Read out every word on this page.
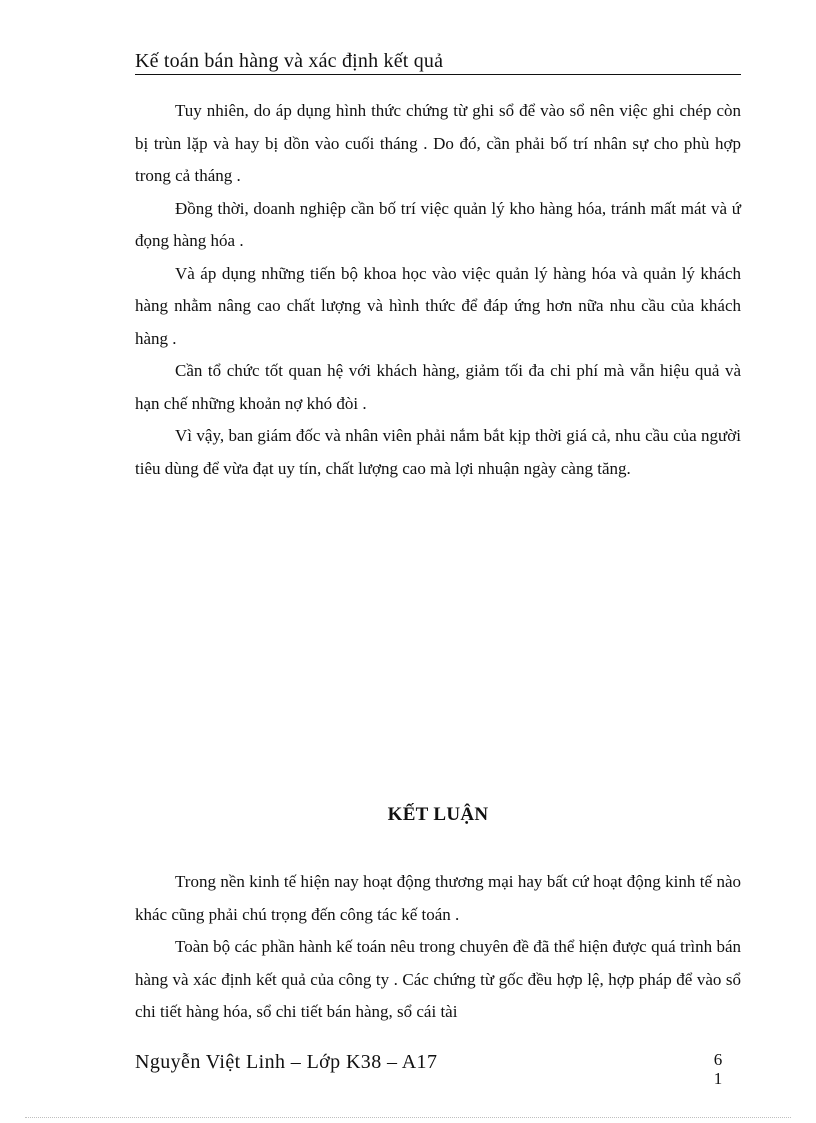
Kế toán bán hàng và xác định kết quả

Tuy nhiên, do áp dụng hình thức chứng từ ghi sổ để vào sổ nên việc ghi chép còn bị trùn lặp và hay bị dồn vào cuối tháng . Do đó, cần phải bố trí nhân sự cho phù hợp trong cả tháng .

Đồng thời, doanh nghiệp cần bố trí việc quản lý kho hàng hóa, tránh mất mát và ứ đọng hàng hóa .

Và áp dụng những tiến bộ khoa học vào việc quản lý hàng hóa và quản lý khách hàng nhằm nâng cao chất lượng và hình thức để đáp ứng hơn nữa nhu cầu của khách hàng .

Cần tổ chức tốt quan hệ với khách hàng, giảm tối đa chi phí mà vẫn hiệu quả và hạn chế những khoản nợ khó đòi .

Vì vậy, ban giám đốc và nhân viên phải nắm bắt kịp thời giá cả, nhu cầu của người tiêu dùng để vừa đạt uy tín, chất lượng cao mà lợi nhuận ngày càng tăng.

KẾT LUẬN

Trong nền kinh tế hiện nay hoạt động thương mại hay bất cứ hoạt động kinh tế nào khác cũng phải chú trọng đến công tác kế toán .

Toàn bộ các phần hành kế toán nêu trong chuyên đề đã thể hiện được quá trình bán hàng và xác định kết quả của công ty . Các chứng từ gốc đều hợp lệ, hợp pháp để vào sổ chi tiết hàng hóa, sổ chi tiết bán hàng, sổ cái tài

Nguyễn Việt Linh – Lớp K38 – A17	6
1
